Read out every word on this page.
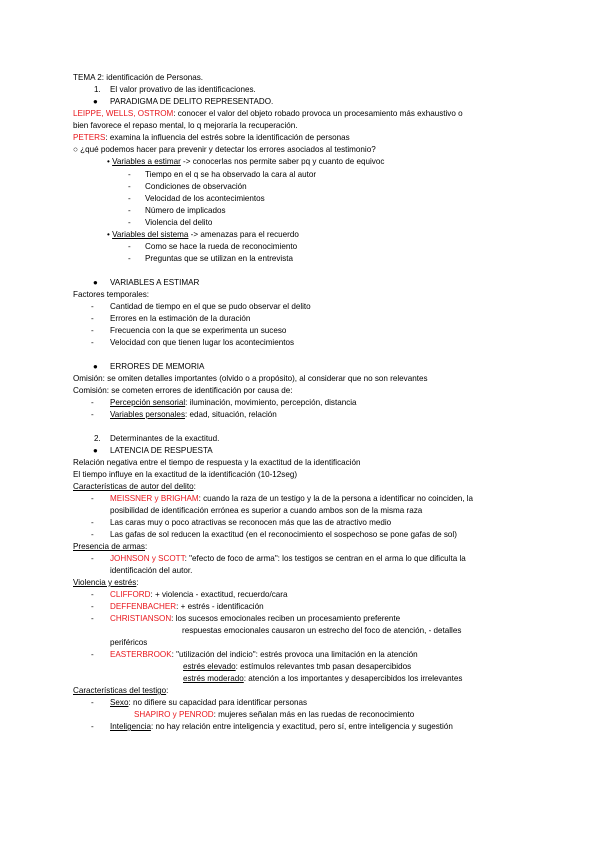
TEMA 2: identificación de Personas.
1. El valor provativo de las identificaciones.
● PARADIGMA DE DELITO REPRESENTADO.
LEIPPE, WELLS, OSTROM: conocer el valor del objeto robado provoca un procesamiento más exhaustivo o
bien favorece el repaso mental, lo q mejoraría la recuperación.
PETERS: examina la influencia del estrés sobre la identificación de personas
○ ¿qué podemos hacer para prevenir y detectar los errores asociados al testimonio?
• Variables a estimar -> conocerlas nos permite saber pq y cuanto de equivoc
- Tiempo en el q se ha observado la cara al autor
- Condiciones de observación
- Velocidad de los acontecimientos
- Número de implicados
- Violencia del delito
• Variables del sistema -> amenazas para el recuerdo
- Como se hace la rueda de reconocimiento
- Preguntas que se utilizan en la entrevista
● VARIABLES A ESTIMAR
Factores temporales:
- Cantidad de tiempo en el que se pudo observar el delito
- Errores en la estimación de la duración
- Frecuencia con la que se experimenta un suceso
- Velocidad con que tienen lugar los acontecimientos
● ERRORES DE MEMORIA
Omisión: se omiten detalles importantes (olvido o a propósito), al considerar que no son relevantes
Comisión: se cometen errores de identificación por causa de:
- Percepción sensorial: iluminación, movimiento, percepción, distancia
- Variables personales: edad, situación, relación
2. Determinantes de la exactitud.
● LATENCIA DE RESPUESTA
Relación negativa entre el tiempo de respuesta y la exactitud de la identificación
El tiempo influye en la exactitud de la identificación (10-12seg)
Características de autor del delito:
- MEISSNER y BRIGHAM: cuando la raza de un testigo y la de la persona a identificar no coinciden, la
posibilidad de identificación errónea es superior a cuando ambos son de la misma raza
- Las caras muy o poco atractivas se reconocen más que las de atractivo medio
- Las gafas de sol reducen la exactitud (en el reconocimiento el sospechoso se pone gafas de sol)
Presencia de armas:
- JOHNSON y SCOTT: "efecto de foco de arma": los testigos se centran en el arma lo que dificulta la
identificación del autor.
Violencia y estrés:
- CLIFFORD: + violencia - exactitud, recuerdo/cara
- DEFFENBACHER: + estrés - identificación
- CHRISTIANSON: los sucesos emocionales reciben un procesamiento preferente
respuestas emocionales causaron un estrecho del foco de atención, - detalles
periféricos
- EASTERBROOK: "utilización del indicio": estrés provoca una limitación en la atención
estrés elevado: estímulos relevantes tmb pasan desapercibidos
estrés moderado: atención a los importantes y desapercibidos los irrelevantes
Características del testigo:
- Sexo: no difiere su capacidad para identificar personas
SHAPIRO y PENROD: mujeres señalan más en las ruedas de reconocimiento
- Inteligencia: no hay relación entre inteligencia y exactitud, pero sí, entre inteligencia y sugestión
